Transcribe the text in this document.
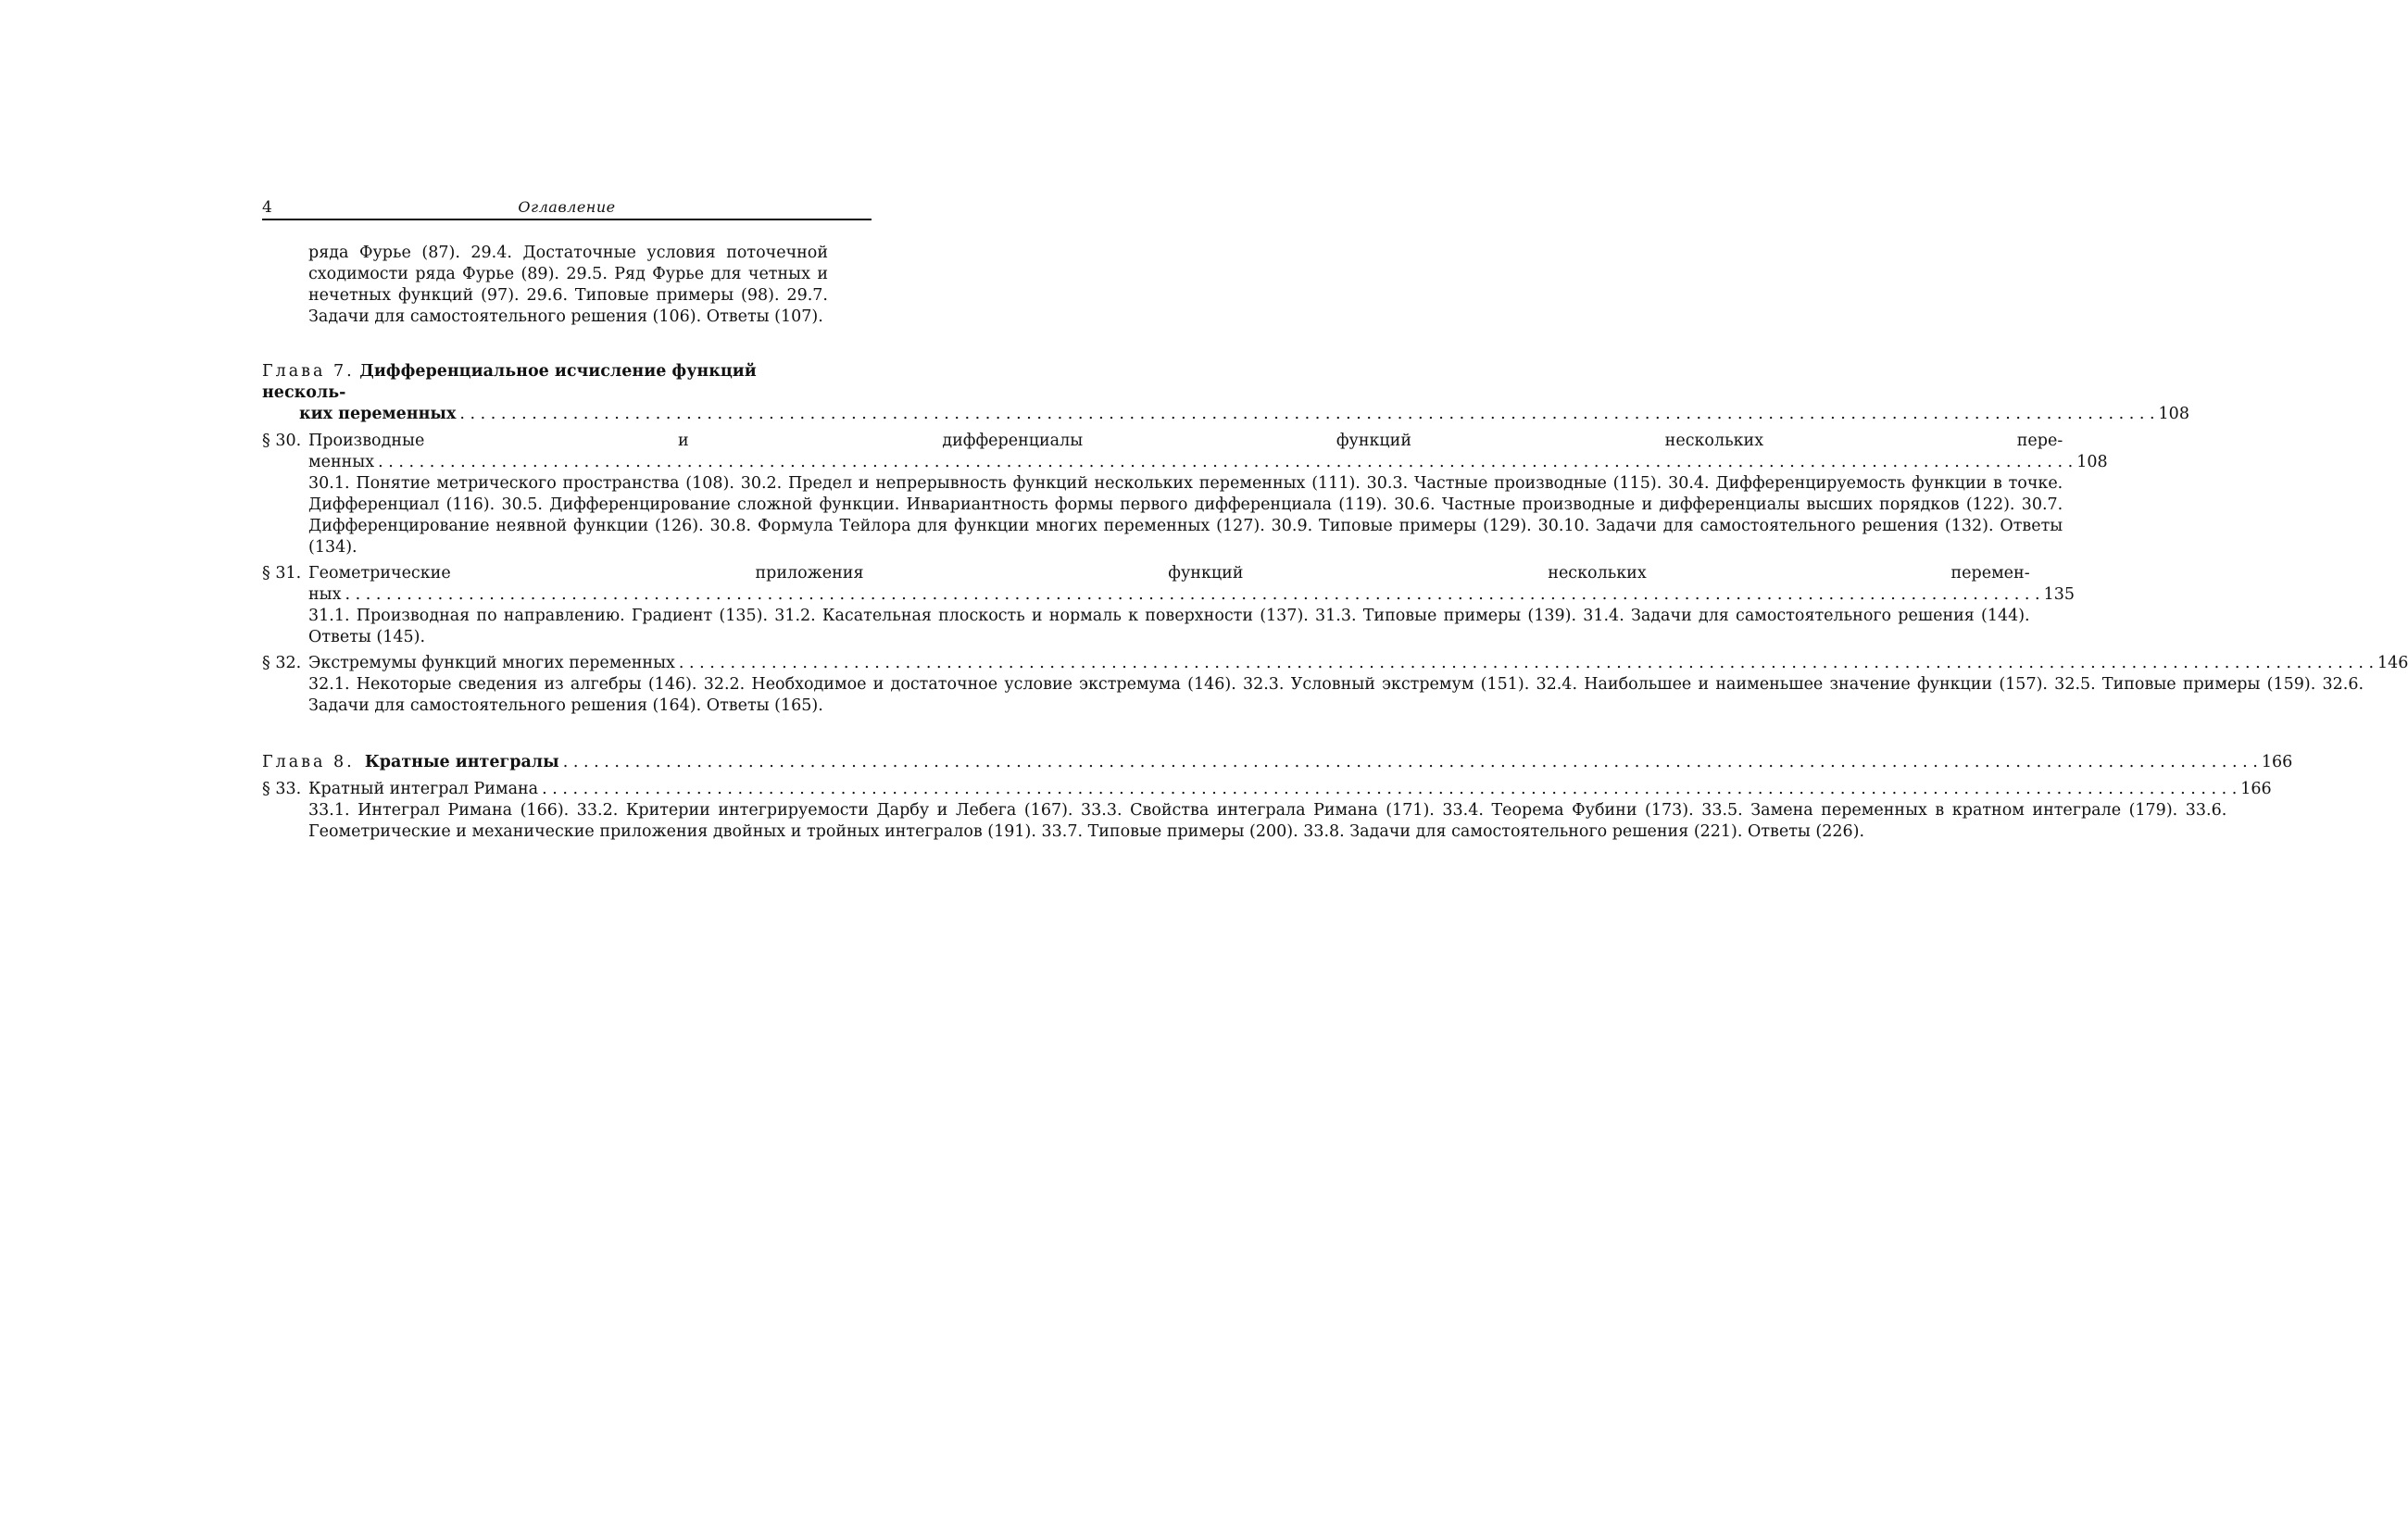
4	Оглавление
ряда Фурье (87). 29.4. Достаточные условия поточечной сходимости ряда Фурье (89). 29.5. Ряд Фурье для четных и нечетных функций (97). 29.6. Типовые примеры (98). 29.7. Задачи для самостоятельного решения (106). Ответы (107).
Глава 7. Дифференциальное исчисление функций несколь-
ких переменных . . .	108
§ 30. Производные и дифференциалы функций нескольких пере-
менных . . .	108
30.1. Понятие метрического пространства (108). 30.2. Предел и непрерывность функций нескольких переменных (111). 30.3. Частные производные (115). 30.4. Дифференцируемость функции в точке. Дифференциал (116). 30.5. Дифференцирование сложной функции. Инвариантность формы первого дифференциала (119). 30.6. Частные производные и дифференциалы высших порядков (122). 30.7. Дифференцирование неявной функции (126). 30.8. Формула Тейлора для функции многих переменных (127). 30.9. Типовые примеры (129). 30.10. Задачи для самостоятельного решения (132). Ответы (134).
§ 31. Геометрические приложения функций нескольких перемен-
ных . . .	135
31.1. Производная по направлению. Градиент (135). 31.2. Касательная плоскость и нормаль к поверхности (137). 31.3. Типовые примеры (139). 31.4. Задачи для самостоятельного решения (144). Ответы (145).
§ 32. Экстремумы функций многих переменных . . .	146
32.1. Некоторые сведения из алгебры (146). 32.2. Необходимое и достаточное условие экстремума (146). 32.3. Условный экстремум (151). 32.4. Наибольшее и наименьшее значение функции (157). 32.5. Типовые примеры (159). 32.6. Задачи для самостоятельного решения (164). Ответы (165).
Глава 8. Кратные интегралы . . .	166
§ 33. Кратный интеграл Римана . . .	166
33.1. Интеграл Римана (166). 33.2. Критерии интегрируемости Дарбу и Лебега (167). 33.3. Свойства интеграла Римана (171). 33.4. Теорема Фубини (173). 33.5. Замена переменных в кратном интеграле (179). 33.6. Геометрические и механические приложения двойных и тройных интегралов (191). 33.7. Типовые примеры (200). 33.8. Задачи для самостоятельного решения (221). Ответы (226).
